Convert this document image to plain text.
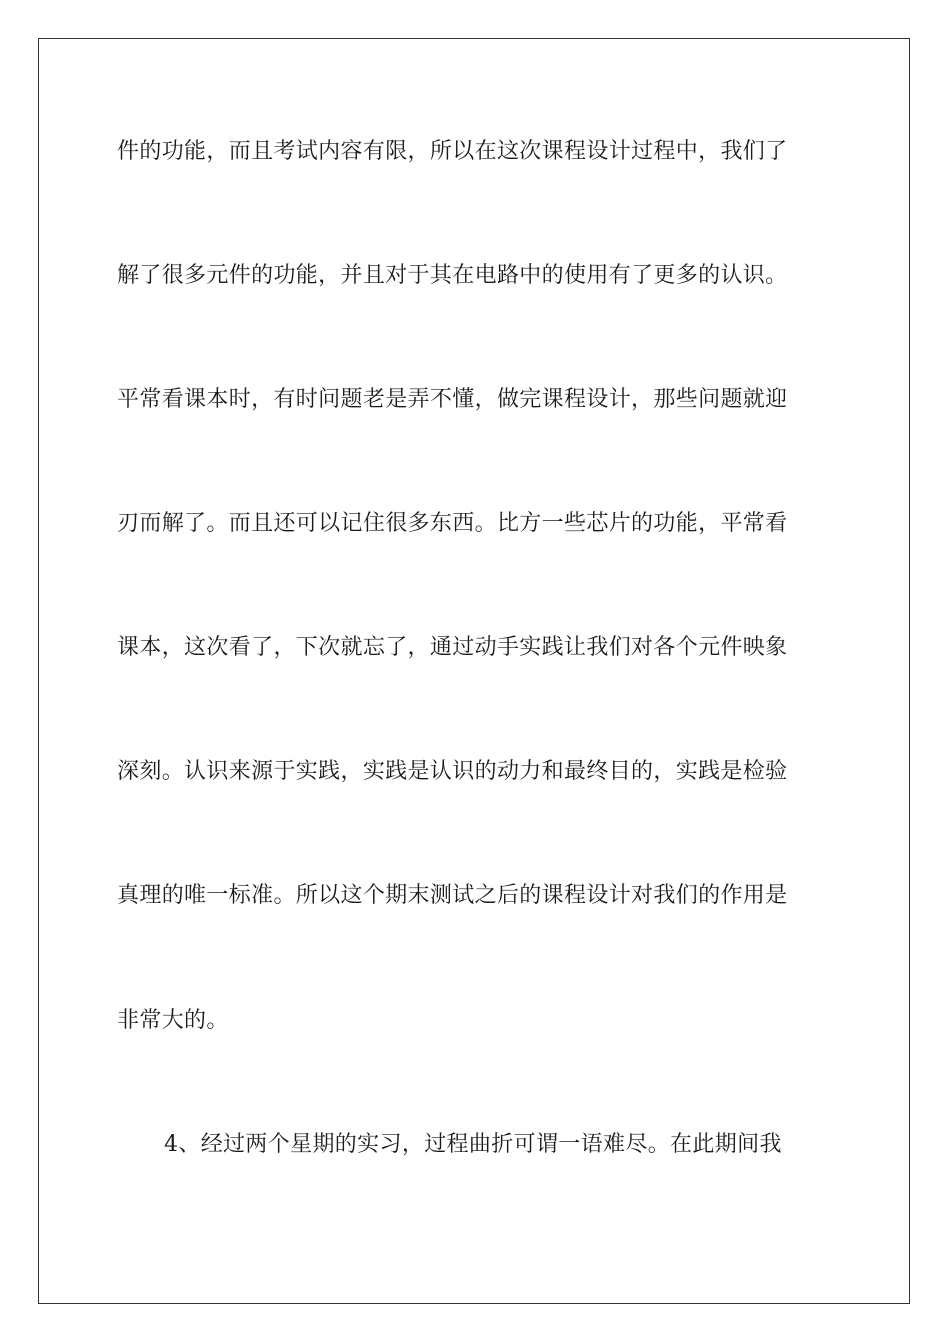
件的功能，而且考试内容有限，所以在这次课程设计过程中，我们了
解了很多元件的功能，并且对于其在电路中的使用有了更多的认识。
平常看课本时，有时问题老是弄不懂，做完课程设计，那些问题就迎
刃而解了。而且还可以记住很多东西。比方一些芯片的功能，平常看
课本，这次看了，下次就忘了，通过动手实践让我们对各个元件映象
深刻。认识来源于实践，实践是认识的动力和最终目的，实践是检验
真理的唯一标准。所以这个期末测试之后的课程设计对我们的作用是
非常大的。
4、经过两个星期的实习，过程曲折可谓一语难尽。在此期间我
